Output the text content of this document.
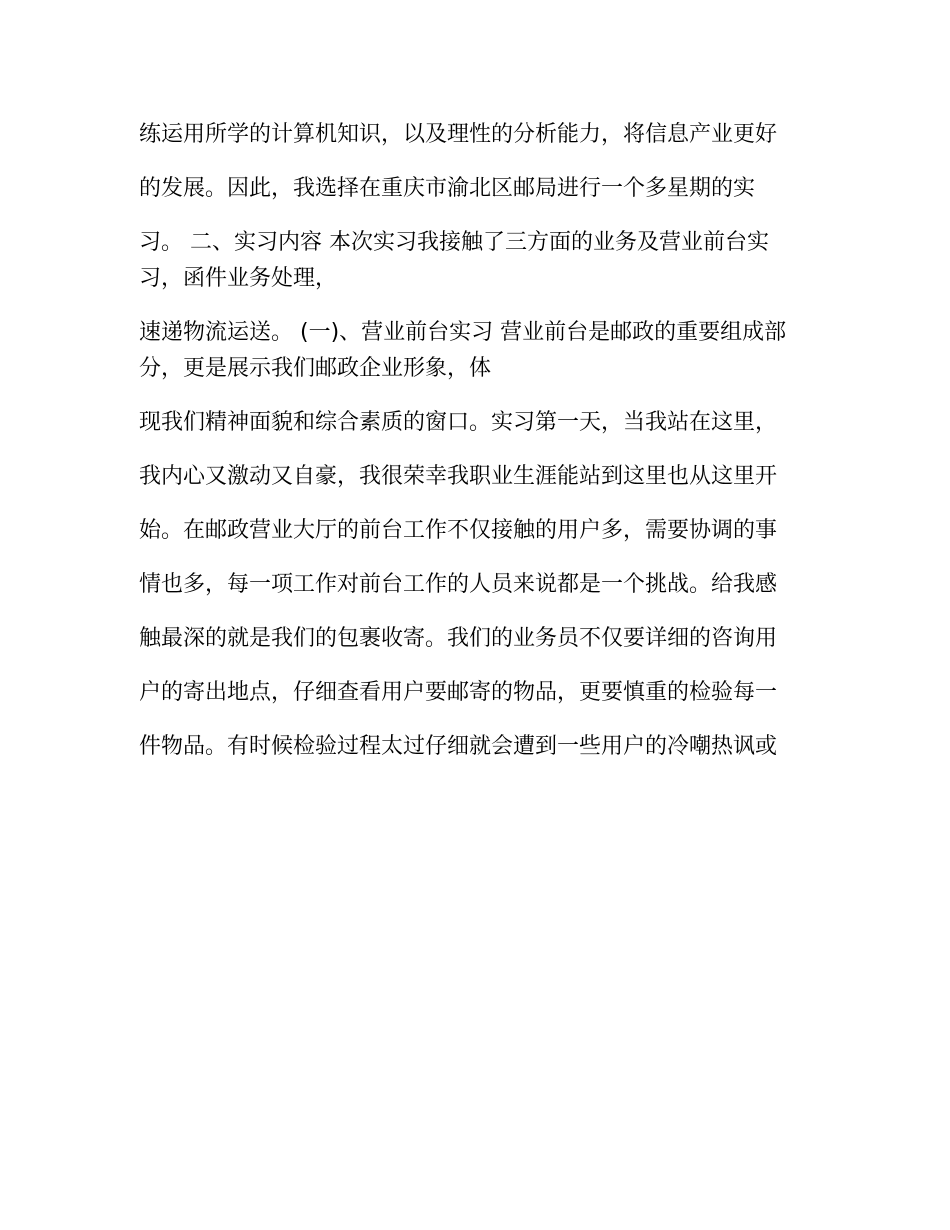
练运用所学的计算机知识，以及理性的分析能力，将信息产业更好

的发展。因此，我选择在重庆市渝北区邮局进行一个多星期的实

习。 二、实习内容 本次实习我接触了三方面的业务及营业前台实习，函件业务处理，

速递物流运送。 (一)、营业前台实习 营业前台是邮政的重要组成部分，更是展示我们邮政企业形象，体

现我们精神面貌和综合素质的窗口。实习第一天，当我站在这里，

我内心又激动又自豪，我很荣幸我职业生涯能站到这里也从这里开

始。在邮政营业大厅的前台工作不仅接触的用户多，需要协调的事

情也多，每一项工作对前台工作的人员来说都是一个挑战。给我感

触最深的就是我们的包裹收寄。我们的业务员不仅要详细的咨询用

户的寄出地点，仔细查看用户要邮寄的物品，更要慎重的检验每一

件物品。有时候检验过程太过仔细就会遭到一些用户的冷嘲热讽或
